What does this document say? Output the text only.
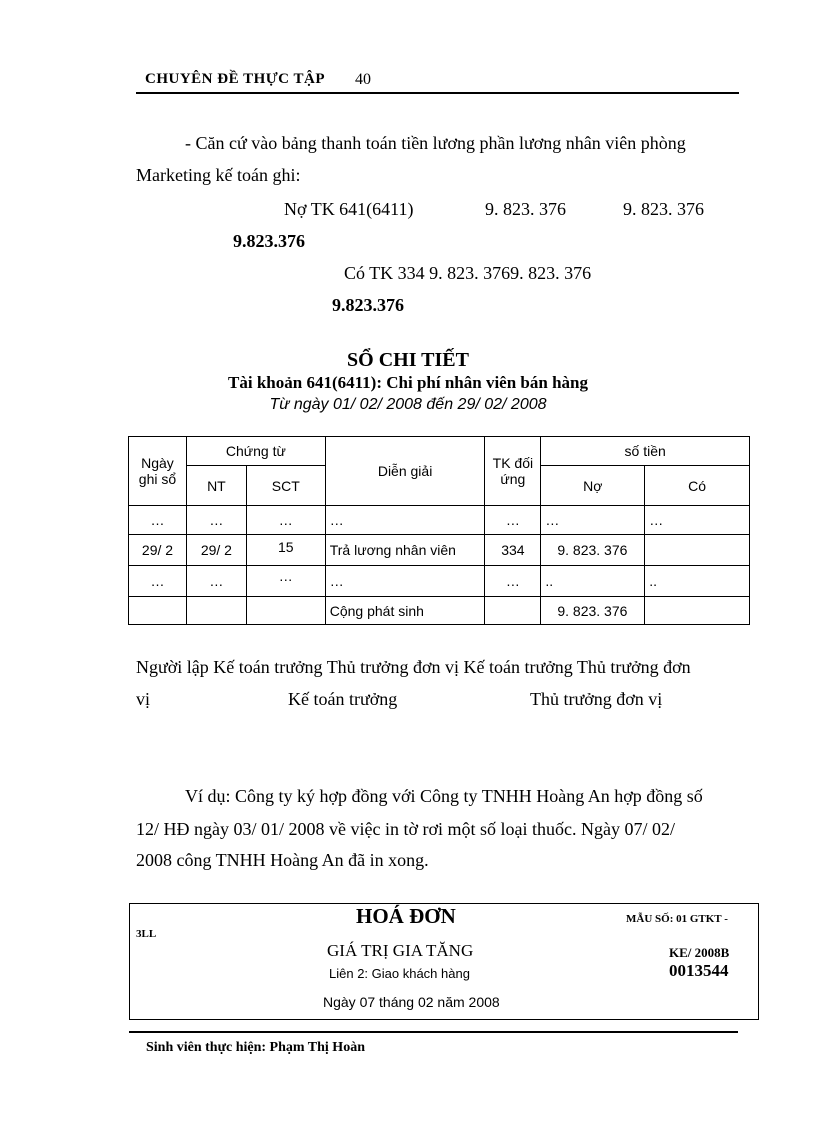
CHUYÊN ĐỀ THỰC TẬP 40
- Căn cứ vào bảng thanh toán tiền lương phần lương nhân viên phòng
Marketing kế toán ghi:
Nợ TK 641(6411)	9. 823. 376	9. 823. 376
9.823.376
Có TK 334 9. 823. 3769. 823. 376
9.823.376
SỔ CHI TIẾT
Tài khoản 641(6411): Chi phí nhân viên bán hàng
Từ ngày 01/ 02/ 2008 đến 29/ 02/ 2008
Ngày ghi sổ	Chứng từ		Diễn giải	TK đối ứng	số tiền	
	NT	SCT			Nợ	Có
…	…	…	…	…	…	…
29/ 2	29/ 2	15	Trả lương nhân viên	334	9. 823. 376	
…	…	…	…	…	..	..
			Cộng phát sinh		9. 823. 376	
Người lập Kế toán trưởng Thủ trưởng đơn vị Kế toán trưởng Thủ trưởng đơn
vị	Kế toán trưởng	Thủ trưởng đơn vị
Ví dụ: Công ty ký hợp đồng với Công ty TNHH Hoàng An hợp đồng số
12/ HĐ ngày 03/ 01/ 2008 về việc in tờ rơi một số loại thuốc. Ngày 07/ 02/
2008 công TNHH Hoàng An đã in xong.
HOÁ ĐƠN	MẪU SỐ: 01 GTKT -
3LL
GIÁ TRỊ GIA TĂNG	KE/ 2008B
Liên 2: Giao khách hàng	0013544
Ngày 07 tháng 02 năm 2008
Sinh viên thực hiện: Phạm Thị Hoàn
